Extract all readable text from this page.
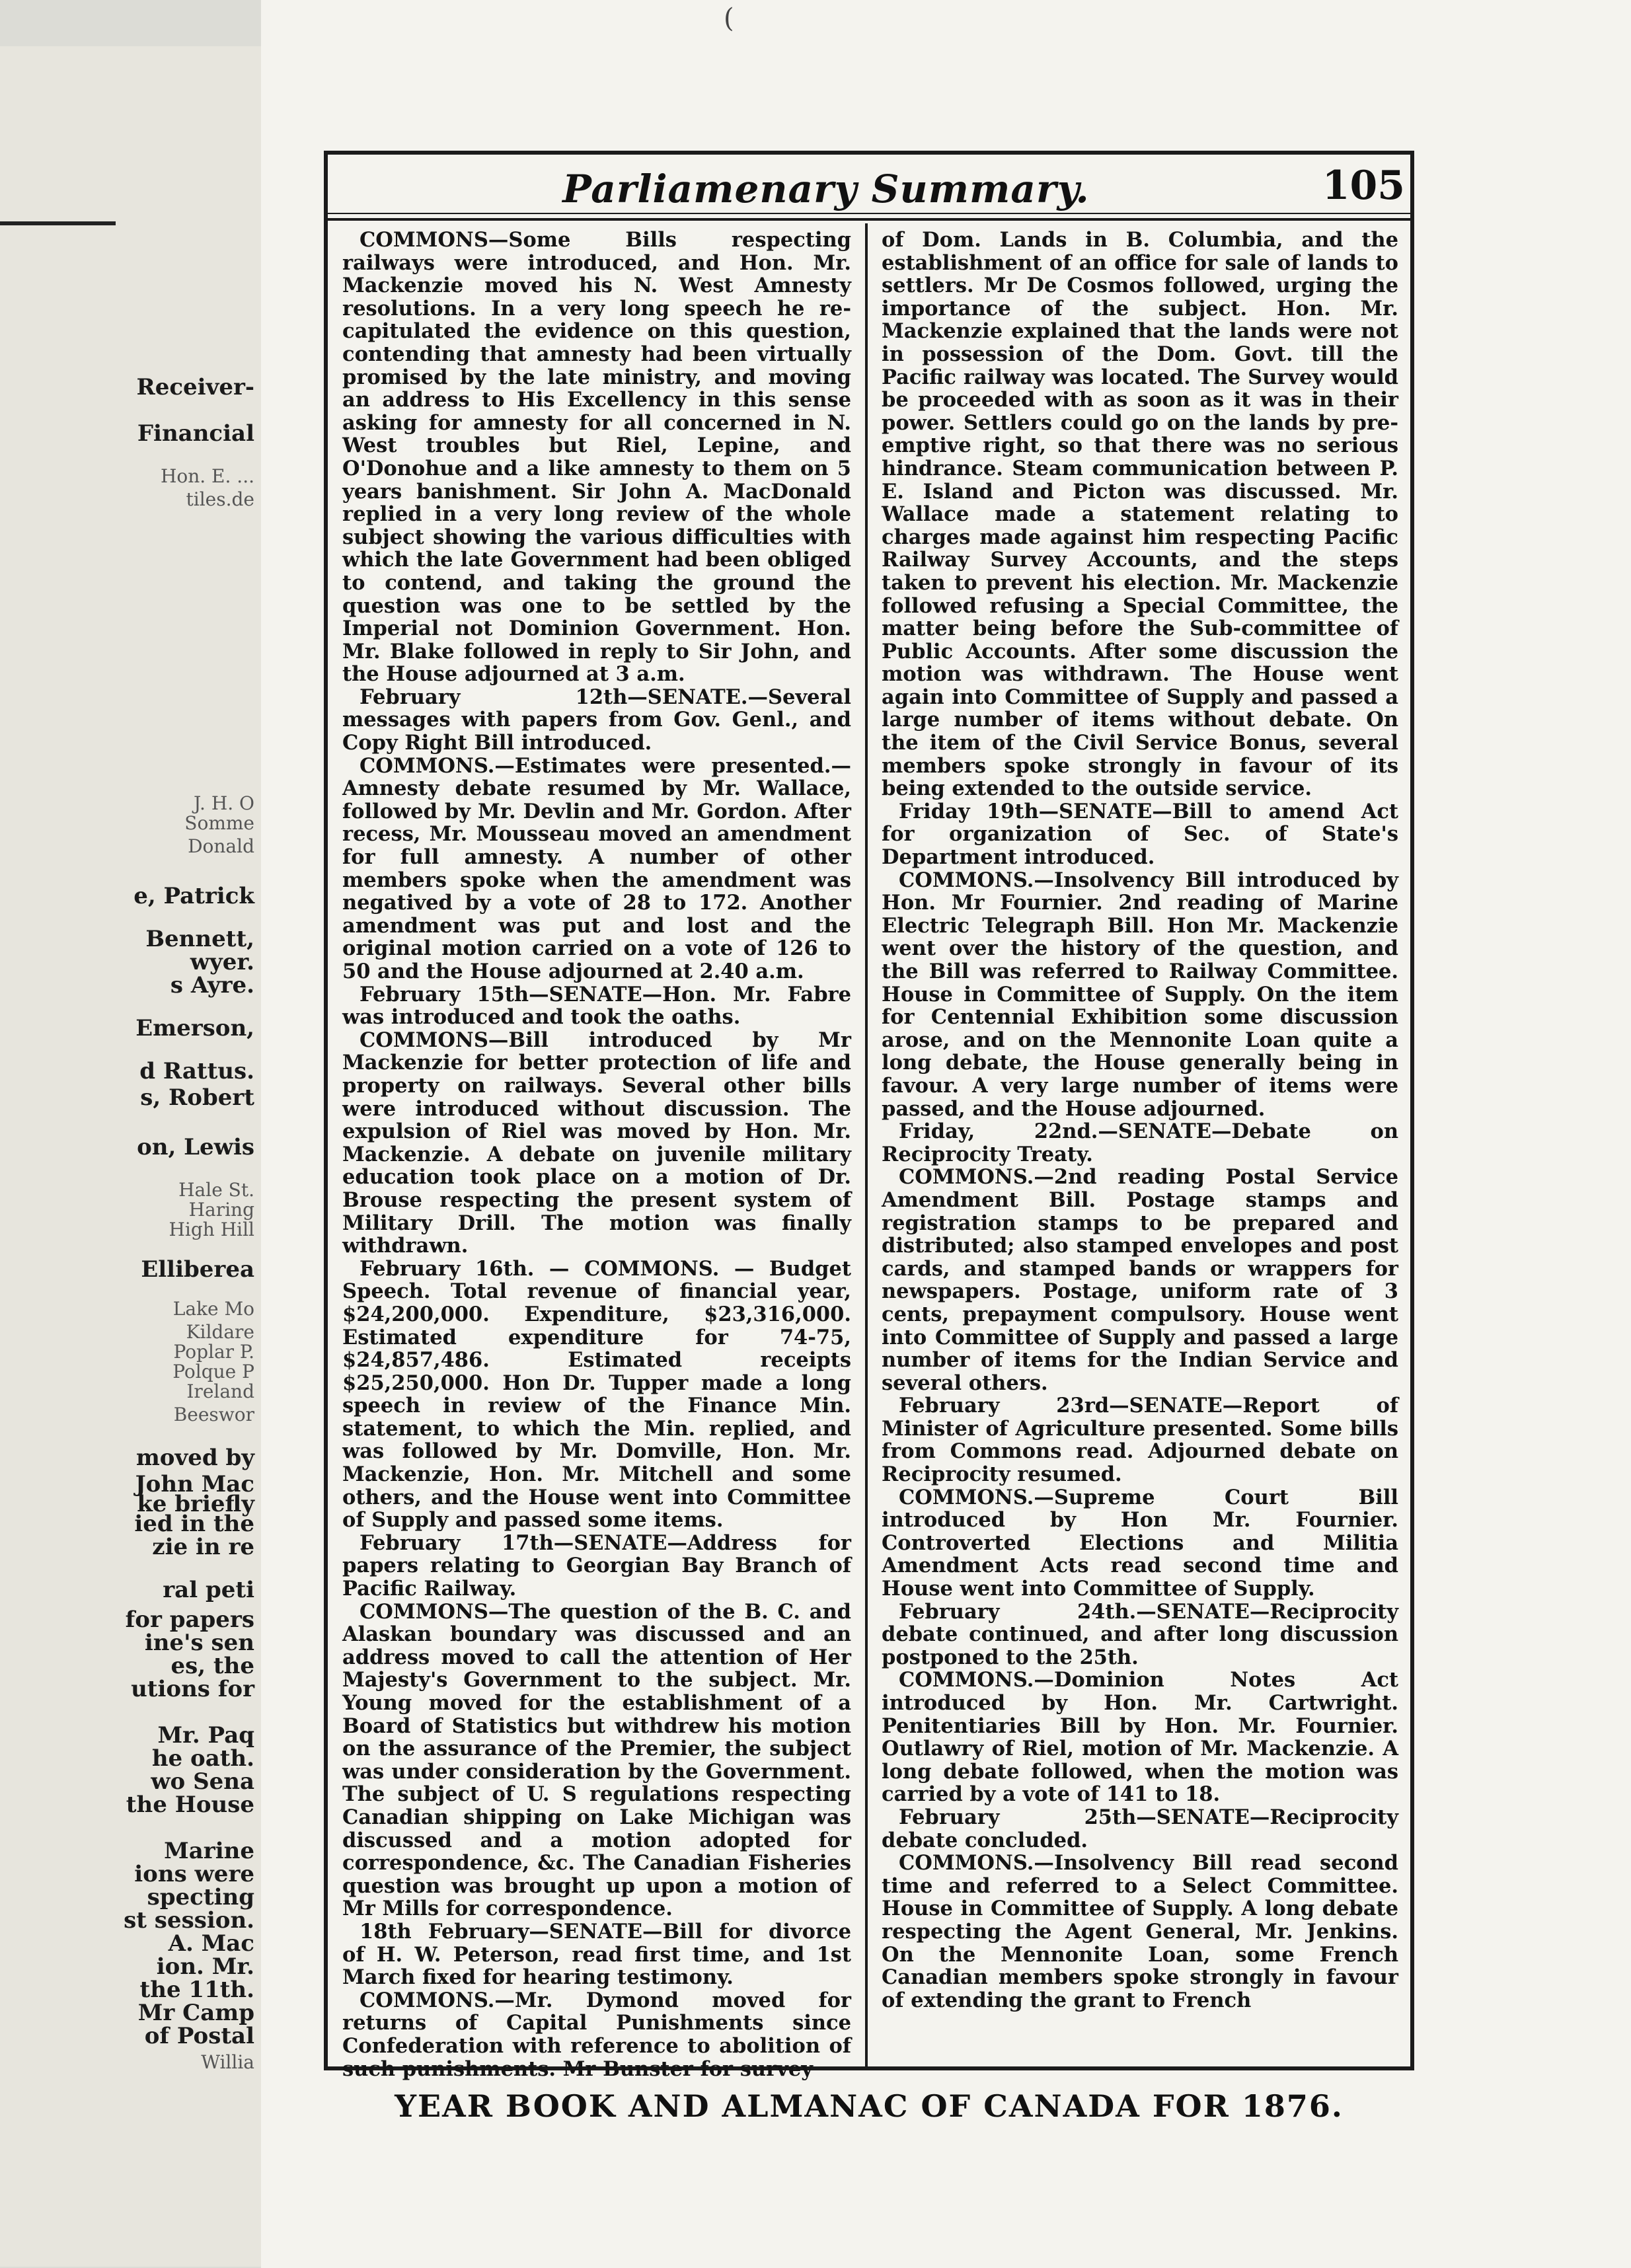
Receiver-
Financial
Hon. E. ...
tiles.de
J. H. O
Somme
Donald
e, Patrick
Bennett,
wyer.
s Ayre.
Emerson,
d Rattus.
s, Robert
on, Lewis
Hale St.
Haring
High Hill
Elliberea
Lake Mo
Kildare
Poplar P.
Polque P
Ireland
Beeswor
moved by
John Mac
ke briefly
ied in the
zie in re
ral peti
for papers
ine's sen
es, the
utions for
Mr. Paq
he oath.
wo Sena
the House
Marine
ions were
specting
st session.
A. Mac
ion. Mr.
the 11th.
Mr Camp
of Postal
Willia
(
Parliamenary Summary.	105

COMMONS—Some Bills respecting railways were introduced, and Hon. Mr. Mackenzie moved his N. West Amnesty resolutions. In a very long speech he re-capitulated the evidence on this question, contending that amnesty had been virtually promised by the late ministry, and moving an address to His Excellency in this sense asking for amnesty for all concerned in N. West troubles but Riel, Lepine, and O'Donohue and a like amnesty to them on 5 years banishment. Sir John A. MacDonald replied in a very long review of the whole subject showing the various difficulties with which the late Government had been obliged to contend, and taking the ground the question was one to be settled by the Imperial not Dominion Government. Hon. Mr. Blake followed in reply to Sir John, and the House adjourned at 3 a.m.

February 12th—SENATE.—Several messages with papers from Gov. Genl., and Copy Right Bill introduced.

COMMONS.—Estimates were presented.—Amnesty debate resumed by Mr. Wallace, followed by Mr. Devlin and Mr. Gordon. After recess, Mr. Mousseau moved an amendment for full amnesty. A number of other members spoke when the amendment was negatived by a vote of 28 to 172. Another amendment was put and lost and the original motion carried on a vote of 126 to 50 and the House adjourned at 2.40 a.m.

February 15th—SENATE—Hon. Mr. Fabre was introduced and took the oaths.

COMMONS—Bill introduced by Mr Mackenzie for better protection of life and property on railways. Several other bills were introduced without discussion. The expulsion of Riel was moved by Hon. Mr. Mackenzie. A debate on juvenile military education took place on a motion of Dr. Brouse respecting the present system of Military Drill. The motion was finally withdrawn.

February 16th. — COMMONS. — Budget Speech. Total revenue of financial year, $24,200,000. Expenditure, $23,316,000. Estimated expenditure for 74-75, $24,857,486. Estimated receipts $25,250,000. Hon Dr. Tupper made a long speech in review of the Finance Min. statement, to which the Min. replied, and was followed by Mr. Domville, Hon. Mr. Mackenzie, Hon. Mr. Mitchell and some others, and the House went into Committee of Supply and passed some items.

February 17th—SENATE—Address for papers relating to Georgian Bay Branch of Pacific Railway.

COMMONS—The question of the B. C. and Alaskan boundary was discussed and an address moved to call the attention of Her Majesty's Government to the subject. Mr. Young moved for the establishment of a Board of Statistics but withdrew his motion on the assurance of the Premier, the subject was under consideration by the Government. The subject of U. S regulations respecting Canadian shipping on Lake Michigan was discussed and a motion adopted for correspondence, &c. The Canadian Fisheries question was brought up upon a motion of Mr Mills for correspondence.

18th February—SENATE—Bill for divorce of H. W. Peterson, read first time, and 1st March fixed for hearing testimony.

COMMONS.—Mr. Dymond moved for returns of Capital Punishments since Confederation with reference to abolition of such punishments. Mr Bunster for survey

of Dom. Lands in B. Columbia, and the establishment of an office for sale of lands to settlers. Mr De Cosmos followed, urging the importance of the subject. Hon. Mr. Mackenzie explained that the lands were not in possession of the Dom. Govt. till the Pacific railway was located. The Survey would be proceeded with as soon as it was in their power. Settlers could go on the lands by pre-emptive right, so that there was no serious hindrance. Steam communication between P. E. Island and Picton was discussed. Mr. Wallace made a statement relating to charges made against him respecting Pacific Railway Survey Accounts, and the steps taken to prevent his election. Mr. Mackenzie followed refusing a Special Committee, the matter being before the Sub-committee of Public Accounts. After some discussion the motion was withdrawn. The House went again into Committee of Supply and passed a large number of items without debate. On the item of the Civil Service Bonus, several members spoke strongly in favour of its being extended to the outside service.

Friday 19th—SENATE—Bill to amend Act for organization of Sec. of State's Department introduced.

COMMONS.—Insolvency Bill introduced by Hon. Mr Fournier. 2nd reading of Marine Electric Telegraph Bill. Hon Mr. Mackenzie went over the history of the question, and the Bill was referred to Railway Committee. House in Committee of Supply. On the item for Centennial Exhibition some discussion arose, and on the Mennonite Loan quite a long debate, the House generally being in favour. A very large number of items were passed, and the House adjourned.

Friday, 22nd.—SENATE—Debate on Reciprocity Treaty.

COMMONS.—2nd reading Postal Service Amendment Bill. Postage stamps and registration stamps to be prepared and distributed; also stamped envelopes and post cards, and stamped bands or wrappers for newspapers. Postage, uniform rate of 3 cents, prepayment compulsory. House went into Committee of Supply and passed a large number of items for the Indian Service and several others.

February 23rd—SENATE—Report of Minister of Agriculture presented. Some bills from Commons read. Adjourned debate on Reciprocity resumed.

COMMONS.—Supreme Court Bill introduced by Hon Mr. Fournier. Controverted Elections and Militia Amendment Acts read second time and House went into Committee of Supply.

February 24th.—SENATE—Reciprocity debate continued, and after long discussion postponed to the 25th.

COMMONS.—Dominion Notes Act introduced by Hon. Mr. Cartwright. Penitentiaries Bill by Hon. Mr. Fournier. Outlawry of Riel, motion of Mr. Mackenzie. A long debate followed, when the motion was carried by a vote of 141 to 18.

February 25th—SENATE—Reciprocity debate concluded.

COMMONS.—Insolvency Bill read second time and referred to a Select Committee. House in Committee of Supply. A long debate respecting the Agent General, Mr. Jenkins. On the Mennonite Loan, some French Canadian members spoke strongly in favour of extending the grant to French

YEAR BOOK AND ALMANAC OF CANADA FOR 1876.
